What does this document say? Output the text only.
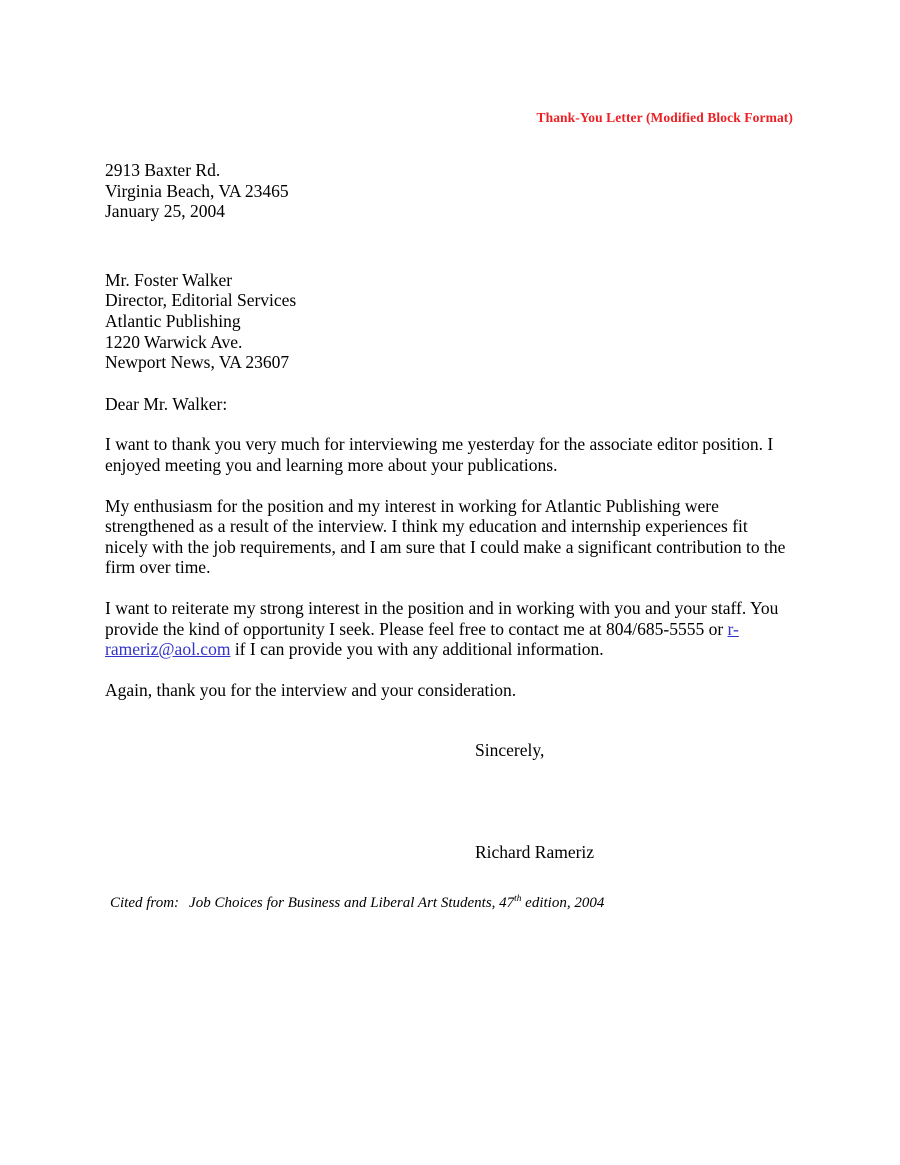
Thank-You Letter (Modified Block Format)
2913 Baxter Rd.
Virginia Beach, VA 23465
January 25, 2004
Mr. Foster Walker
Director, Editorial Services
Atlantic Publishing
1220 Warwick Ave.
Newport News, VA 23607
Dear Mr. Walker:
I want to thank you very much for interviewing me yesterday for the associate editor position. I enjoyed meeting you and learning more about your publications.
My enthusiasm for the position and my interest in working for Atlantic Publishing were strengthened as a result of the interview. I think my education and internship experiences fit nicely with the job requirements, and I am sure that I could make a significant contribution to the firm over time.
I want to reiterate my strong interest in the position and in working with you and your staff. You provide the kind of opportunity I seek. Please feel free to contact me at 804/685-5555 or r-rameriz@aol.com if I can provide you with any additional information.
Again, thank you for the interview and your consideration.
Sincerely,
Richard Rameriz
Cited from: Job Choices for Business and Liberal Art Students, 47th edition, 2004
